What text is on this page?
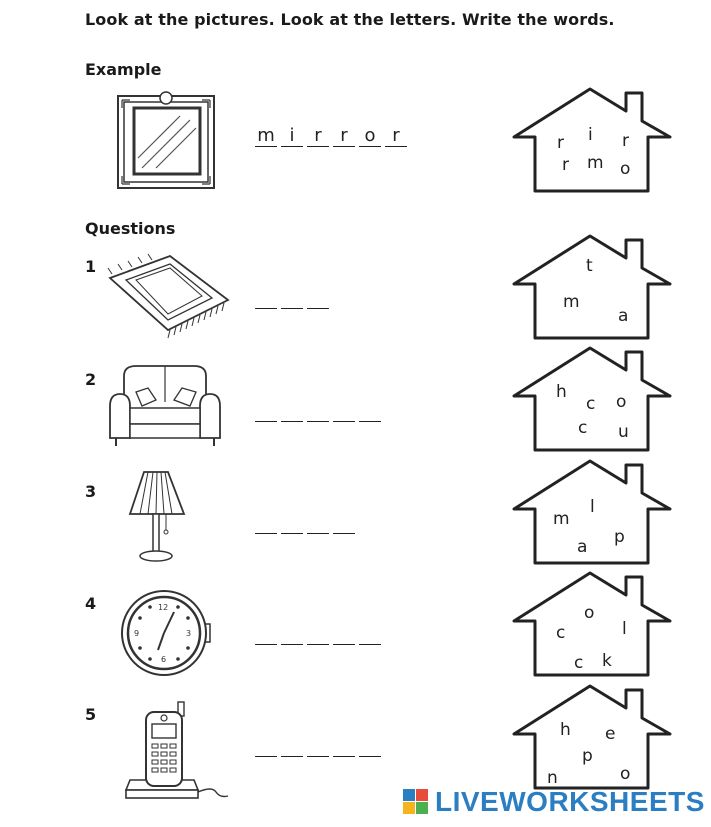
Look at the pictures. Look at the letters. Write the words.
Example
Questions
m i	r	r o r	r i r
r m o
1	t
m
a
2
h
c o
c u
3
m
l
a p
4	12
9	3
6
o
c	l
c k
5
h e
p
n	o
LIVEWORKSHEETS
